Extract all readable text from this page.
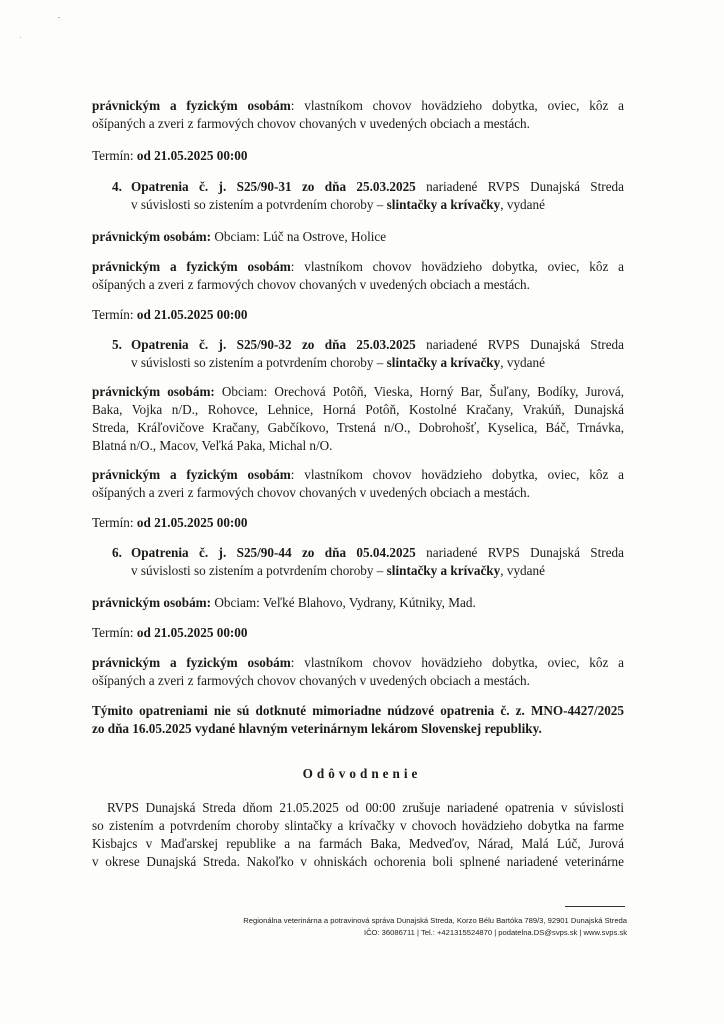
právnickým a fyzickým osobám: vlastníkom chovov hovädzieho dobytka, oviec, kôz a
ošípaných a zveri z farmových chovov chovaných v uvedených obciach a mestách.
Termín: od 21.05.2025 00:00
4. Opatrenia č. j. S25/90-31 zo dňa 25.03.2025 nariadené RVPS Dunajská Streda
v súvislosti so zistením a potvrdením choroby – slintačky a krívačky, vydané
právnickým osobám: Obciam: Lúč na Ostrove, Holice
právnickým a fyzickým osobám: vlastníkom chovov hovädzieho dobytka, oviec, kôz a
ošípaných a zveri z farmových chovov chovaných v uvedených obciach a mestách.
Termín: od 21.05.2025 00:00
5. Opatrenia č. j. S25/90-32 zo dňa 25.03.2025 nariadené RVPS Dunajská Streda
v súvislosti so zistením a potvrdením choroby – slintačky a krívačky, vydané
právnickým osobám: Obciam: Orechová Potôň, Vieska, Horný Bar, Šuľany, Bodíky, Jurová,
Baka, Vojka n/D., Rohovce, Lehnice, Horná Potôň, Kostolné Kračany, Vrakúň, Dunajská
Streda, Kráľovičove Kračany, Gabčíkovo, Trstená n/O., Dobrohošť, Kyselica, Báč, Trnávka,
Blatná n/O., Macov, Veľká Paka, Michal n/O.
právnickým a fyzickým osobám: vlastníkom chovov hovädzieho dobytka, oviec, kôz a
ošípaných a zveri z farmových chovov chovaných v uvedených obciach a mestách.
Termín: od 21.05.2025 00:00
6. Opatrenia č. j. S25/90-44 zo dňa 05.04.2025 nariadené RVPS Dunajská Streda
v súvislosti so zistením a potvrdením choroby – slintačky a krívačky, vydané
právnickým osobám: Obciam: Veľké Blahovo, Vydrany, Kútniky, Mad.
Termín: od 21.05.2025 00:00
právnickým a fyzickým osobám: vlastníkom chovov hovädzieho dobytka, oviec, kôz a
ošípaných a zveri z farmových chovov chovaných v uvedených obciach a mestách.
Týmito opatreniami nie sú dotknuté mimoriadne núdzové opatrenia č. z. MNO-4427/2025
zo dňa 16.05.2025 vydané hlavným veterinárnym lekárom Slovenskej republiky.
Odôvodnenie
RVPS Dunajská Streda dňom 21.05.2025 od 00:00 zrušuje nariadené opatrenia v súvislosti
so zistením a potvrdením choroby slintačky a krívačky v chovoch hovädzieho dobytka na farme
Kisbajcs v Maďarskej republike a na farmách Baka, Medveďov, Nárad, Malá Lúč, Jurová
v okrese Dunajská Streda. Nakoľko v ohniskách ochorenia boli splnené nariadené veterinárne
Regionálna veterinárna a potravinová správa Dunajská Streda, Korzo Bélu Bartóka 789/3, 92901 Dunajská Streda
IČO: 36086711 | Tel.: +421315524870 | podatelna.DS@svps.sk | www.svps.sk
